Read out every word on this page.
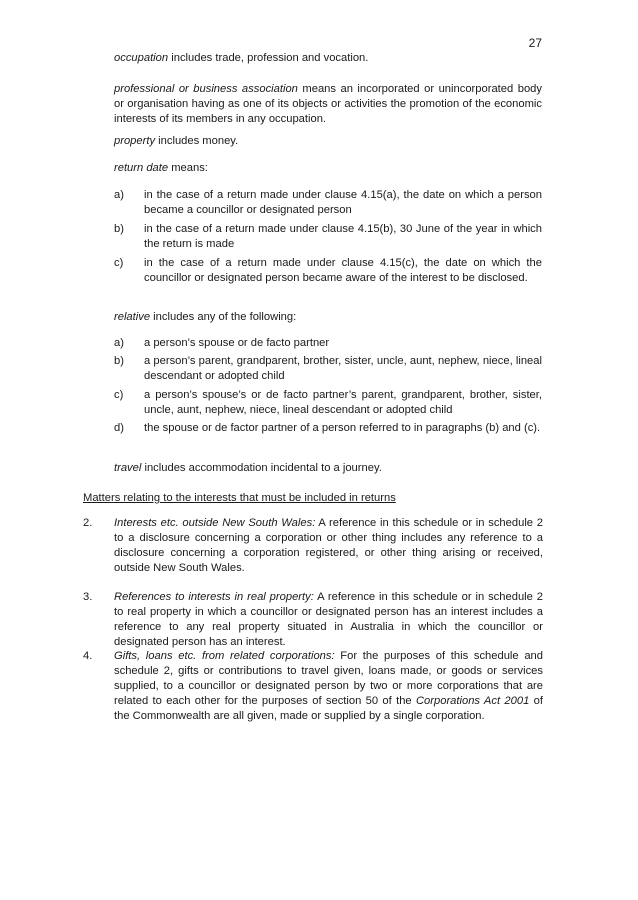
27

occupation includes trade, profession and vocation.

professional or business association means an incorporated or unincorporated body or organisation having as one of its objects or activities the promotion of the economic interests of its members in any occupation.

property includes money.

return date means:

a) in the case of a return made under clause 4.15(a), the date on which a person became a councillor or designated person
b) in the case of a return made under clause 4.15(b), 30 June of the year in which the return is made
c) in the case of a return made under clause 4.15(c), the date on which the councillor or designated person became aware of the interest to be disclosed.

relative includes any of the following:

a) a person’s spouse or de facto partner
b) a person’s parent, grandparent, brother, sister, uncle, aunt, nephew, niece, lineal descendant or adopted child
c) a person’s spouse’s or de facto partner’s parent, grandparent, brother, sister, uncle, aunt, nephew, niece, lineal descendant or adopted child
d) the spouse or de factor partner of a person referred to in paragraphs (b) and (c).

travel includes accommodation incidental to a journey.

Matters relating to the interests that must be included in returns
2. Interests etc. outside New South Wales: A reference in this schedule or in schedule 2 to a disclosure concerning a corporation or other thing includes any reference to a disclosure concerning a corporation registered, or other thing arising or received, outside New South Wales.
3. References to interests in real property: A reference in this schedule or in schedule 2 to real property in which a councillor or designated person has an interest includes a reference to any real property situated in Australia in which the councillor or designated person has an interest.
4. Gifts, loans etc. from related corporations: For the purposes of this schedule and schedule 2, gifts or contributions to travel given, loans made, or goods or services supplied, to a councillor or designated person by two or more corporations that are related to each other for the purposes of section 50 of the Corporations Act 2001 of the Commonwealth are all given, made or supplied by a single corporation.
